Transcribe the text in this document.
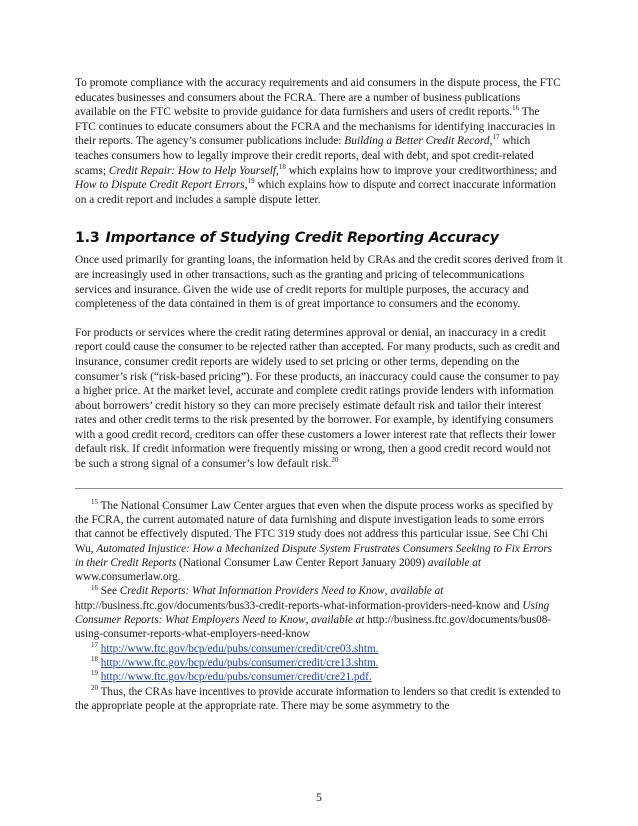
To promote compliance with the accuracy requirements and aid consumers in the dispute process, the FTC educates businesses and consumers about the FCRA. There are a number of business publications available on the FTC website to provide guidance for data furnishers and users of credit reports.$^{16}$ The FTC continues to educate consumers about the FCRA and the mechanisms for identifying inaccuracies in their reports. The agency’s consumer publications include: Building a Better Credit Record,$^{17}$ which teaches consumers how to legally improve their credit reports, deal with debt, and spot credit-related scams; Credit Repair: How to Help Yourself,$^{18}$ which explains how to improve your creditworthiness; and How to Dispute Credit Report Errors,$^{19}$ which explains how to dispute and correct inaccurate information on a credit report and includes a sample dispute letter.

1.3 Importance of Studying Credit Reporting Accuracy

Once used primarily for granting loans, the information held by CRAs and the credit scores derived from it are increasingly used in other transactions, such as the granting and pricing of telecommunications services and insurance. Given the wide use of credit reports for multiple purposes, the accuracy and completeness of the data contained in them is of great importance to consumers and the economy.

For products or services where the credit rating determines approval or denial, an inaccuracy in a credit report could cause the consumer to be rejected rather than accepted. For many products, such as credit and insurance, consumer credit reports are widely used to set pricing or other terms, depending on the consumer’s risk (“risk-based pricing”). For these products, an inaccuracy could cause the consumer to pay a higher price. At the market level, accurate and complete credit ratings provide lenders with information about borrowers’ credit history so they can more precisely estimate default risk and tailor their interest rates and other credit terms to the risk presented by the borrower. For example, by identifying consumers with a good credit record, creditors can offer these customers a lower interest rate that reflects their lower default risk. If credit information were frequently missing or wrong, then a good credit record would not be such a strong signal of a consumer’s low default risk.$^{20}$

$^{15}$ The National Consumer Law Center argues that even when the dispute process works as specified by the FCRA, the current automated nature of data furnishing and dispute investigation leads to some errors that cannot be effectively disputed. The FTC 319 study does not address this particular issue. See Chi Chi Wu, Automated Injustice: How a Mechanized Dispute System Frustrates Consumers Seeking to Fix Errors in their Credit Reports (National Consumer Law Center Report January 2009) available at www.consumerlaw.org.

$^{16}$ See Credit Reports: What Information Providers Need to Know, available at http://business.ftc.gov/documents/bus33-credit-reports-what-information-providers-need-know and Using Consumer Reports: What Employers Need to Know, available at http://business.ftc.gov/documents/bus08-using-consumer-reports-what-employers-need-know

$^{17}$ http://www.ftc.gov/bcp/edu/pubs/consumer/credit/cre03.shtm.

$^{18}$ http://www.ftc.gov/bcp/edu/pubs/consumer/credit/cre13.shtm.

$^{19}$ http://www.ftc.gov/bcp/edu/pubs/consumer/credit/cre21.pdf.

$^{20}$ Thus, the CRAs have incentives to provide accurate information to lenders so that credit is extended to the appropriate people at the appropriate rate. There may be some asymmetry to the

5
